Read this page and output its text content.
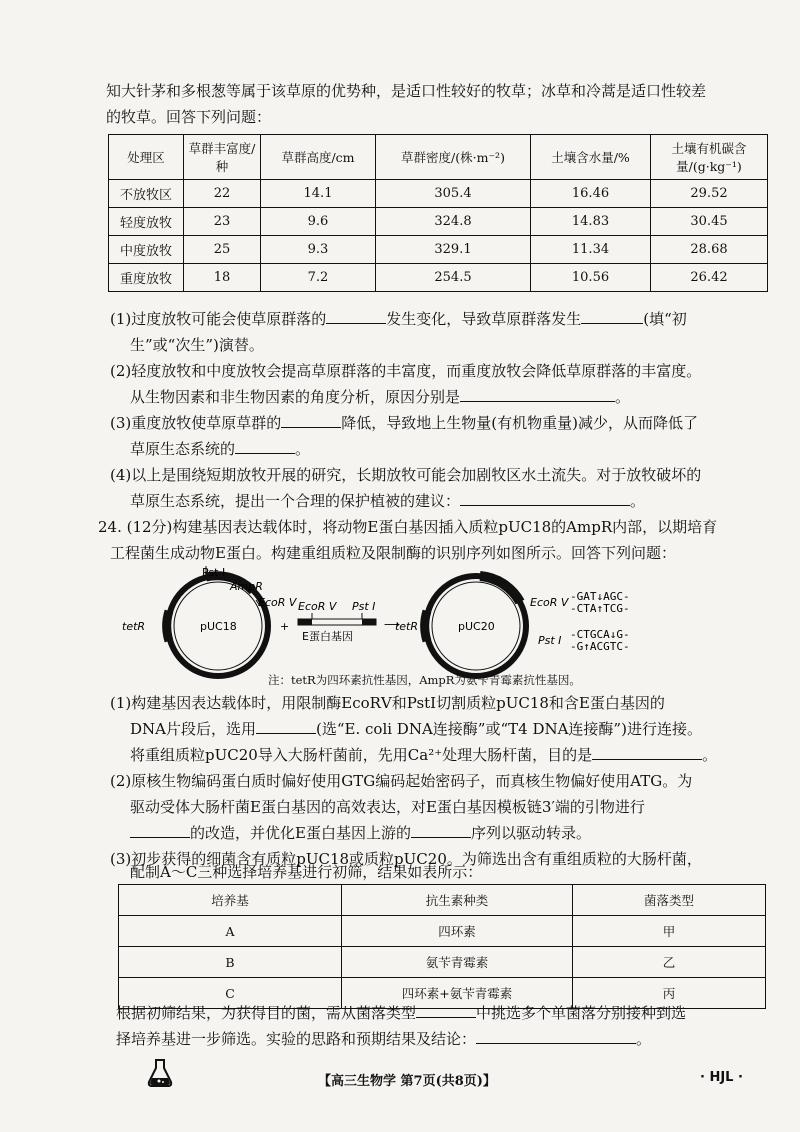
知大针茅和多根葱等属于该草原的优势种，是适口性较好的牧草；冰草和冷蒿是适口性较差
的牧草。回答下列问题：
处理区	草群丰富度/种	草群高度/cm	草群密度/(株·m⁻²)	土壤含水量/%	土壤有机碳含量/(g·kg⁻¹)
不放牧区	22	14.1	305.4	16.46	29.52
轻度放牧	23	9.6	324.8	14.83	30.45
中度放牧	25	9.3	329.1	11.34	28.68
重度放牧	18	7.2	254.5	10.56	26.42
(1)过度放牧可能会使草原群落的	发生变化，导致草原群落发生	(填“初
生”或“次生”)演替。
(2)轻度放牧和中度放牧会提高草原群落的丰富度，而重度放牧会降低草原群落的丰富度。
从生物因素和非生物因素的角度分析，原因分别是	。
(3)重度放牧使草原草群的	降低，导致地上生物量(有机物重量)减少，从而降低了
草原生态系统的	。
(4)以上是围绕短期放牧开展的研究，长期放牧可能会加剧牧区水土流失。对于放牧破坏的
草原生态系统，提出一个合理的保护植被的建议：	。
24. (12分)构建基因表达载体时，将动物E蛋白基因插入质粒pUC18的AmpR内部，以期培育
工程菌生成动物E蛋白。构建重组质粒及限制酶的识别序列如图所示。回答下列问题：
Pst Ⅰ
AmpR
EcoR Ⅴ
tetR	pUC18	+
EcoR Ⅴ Pst Ⅰ
E蛋白基因
⟶
tetR	pUC20
EcoR Ⅴ -GAT↓AGC-
-CTA↑TCG-
Pst Ⅰ -CTGCA↓G-
-G↑ACGTC-
注：tetR为四环素抗性基因，AmpR为氨苄青霉素抗性基因。
(1)构建基因表达载体时，用限制酶EcoRⅤ和PstⅠ切割质粒pUC18和含E蛋白基因的
DNA片段后，选用	(选“E. coli DNA连接酶”或“T4 DNA连接酶”)进行连接。
将重组质粒pUC20导入大肠杆菌前，先用Ca²⁺处理大肠杆菌，目的是	。
(2)原核生物编码蛋白质时偏好使用GTG编码起始密码子，而真核生物偏好使用ATG。为
驱动受体大肠杆菌E蛋白基因的高效表达，对E蛋白基因模板链3′端的引物进行
的改造，并优化E蛋白基因上游的	序列以驱动转录。
(3)初步获得的细菌含有质粒pUC18或质粒pUC20。为筛选出含有重组质粒的大肠杆菌，
配制A～C三种选择培养基进行初筛，结果如表所示：
培养基	抗生素种类	菌落类型
A	四环素	甲
B	氨苄青霉素	乙
C	四环素+氨苄青霉素	丙
根据初筛结果，为获得目的菌，需从菌落类型	中挑选多个单菌落分别接种到选
择培养基进一步筛选。实验的思路和预期结果及结论：	。
【高三生物学 第7页(共8页)】	· HJL ·
